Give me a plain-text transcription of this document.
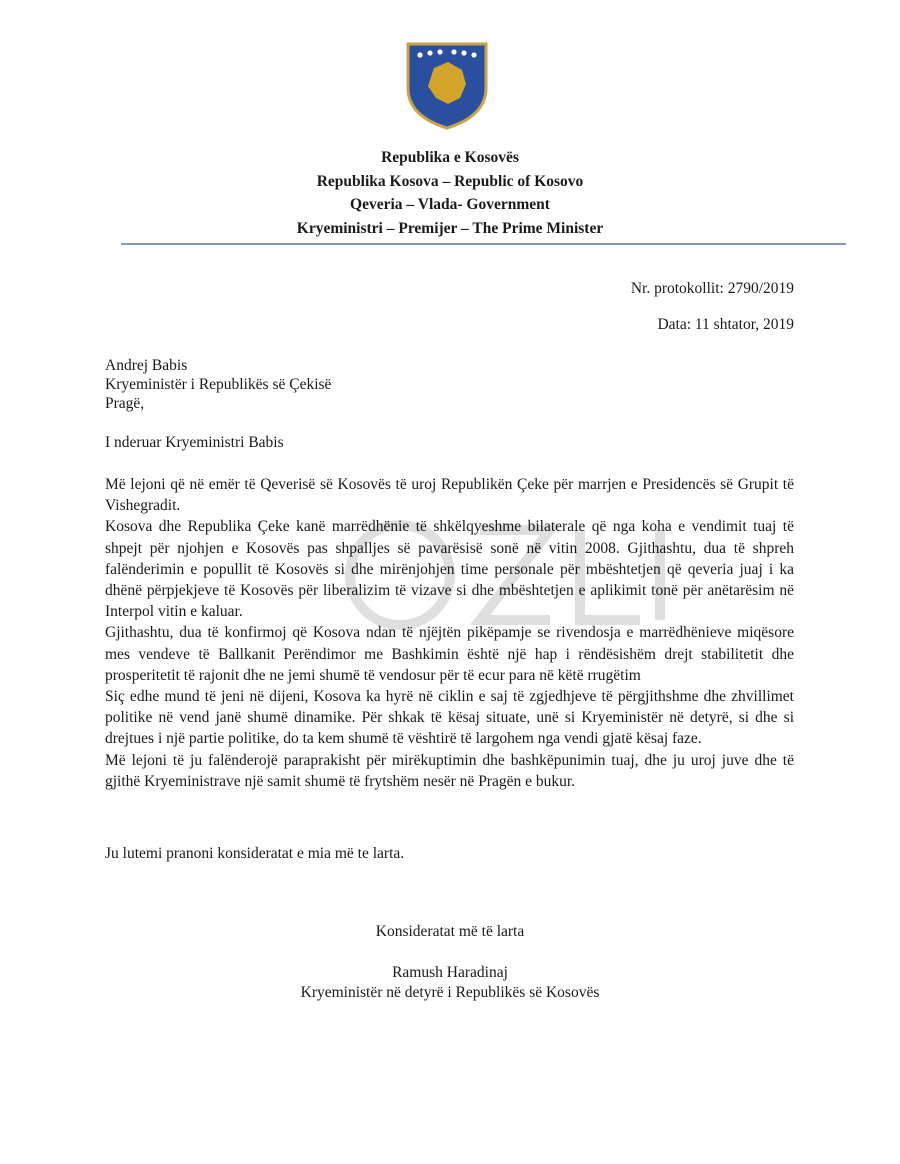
Republika e Kosovës
Republika Kosova – Republic of Kosovo
Qeveria – Vlada- Government
Kryeministri – Premijer – The Prime Minister
Nr. protokollit: 2790/2019
Data: 11 shtator, 2019
Andrej Babis
Kryeministër i Republikës së Çekisë
Pragë,
I nderuar Kryeministri Babis

Më lejoni që në emër të Qeverisë së Kosovës të uroj Republikën Çeke për marrjen e Presidencës së Grupit të Vishegradit.

Kosova dhe Republika Çeke kanë marrëdhënie të shkëlqyeshme bilaterale që nga koha e vendimit tuaj të shpejt për njohjen e Kosovës pas shpalljes së pavarësisë sonë në vitin 2008. Gjithashtu, dua të shpreh falënderimin e popullit të Kosovës si dhe mirënjohjen time personale për mbështetjen që qeveria juaj i ka dhënë përpjekjeve të Kosovës për liberalizim të vizave si dhe mbështetjen e aplikimit tonë për anëtarësim në Interpol vitin e kaluar.

Gjithashtu, dua të konfirmoj që Kosova ndan të njëjtën pikëpamje se rivendosja e marrëdhënieve miqësore mes vendeve të Ballkanit Perëndimor me Bashkimin është një hap i rëndësishëm drejt stabilitetit dhe prosperitetit të rajonit dhe ne jemi shumë të vendosur për të ecur para në këtë rrugëtim

Siç edhe mund të jeni në dijeni, Kosova ka hyrë në ciklin e saj të zgjedhjeve të përgjithshme dhe zhvillimet politike në vend janë shumë dinamike. Për shkak të kësaj situate, unë si Kryeministër në detyrë, si dhe si drejtues i një partie politike, do ta kem shumë të vështirë të largohem nga vendi gjatë kësaj faze.

Më lejoni të ju falënderojë paraprakisht për mirëkuptimin dhe bashkëpunimin tuaj, dhe ju uroj juve dhe të gjithë Kryeministrave një samit shumë të frytshëm nesër në Pragën e bukur.

Ju lutemi pranoni konsideratat e mia më te larta.
Konsideratat më të larta
Ramush Haradinaj
Kryeministër në detyrë i Republikës së Kosovës
